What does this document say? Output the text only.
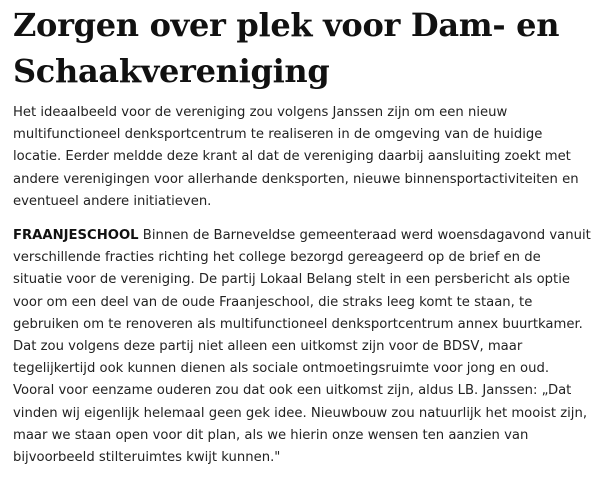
Zorgen over plek voor Dam- en Schaakvereniging

Het ideaalbeeld voor de vereniging zou volgens Janssen zijn om een nieuw multifunctioneel denksportcentrum te realiseren in de omgeving van de huidige locatie. Eerder meldde deze krant al dat de vereniging daarbij aansluiting zoekt met andere verenigingen voor allerhande denksporten, nieuwe binnensportactiviteiten en eventueel andere initiatieven.

FRAANJESCHOOL Binnen de Barneveldse gemeenteraad werd woensdagavond vanuit verschillende fracties richting het college bezorgd gereageerd op de brief en de situatie voor de vereniging. De partij Lokaal Belang stelt in een persbericht als optie voor om een deel van de oude Fraanjeschool, die straks leeg komt te staan, te gebruiken om te renoveren als multifunctioneel denksportcentrum annex buurtkamer. Dat zou volgens deze partij niet alleen een uitkomst zijn voor de BDSV, maar tegelijkertijd ook kunnen dienen als sociale ontmoetingsruimte voor jong en oud. Vooral voor eenzame ouderen zou dat ook een uitkomst zijn, aldus LB. Janssen: „Dat vinden wij eigenlijk helemaal geen gek idee. Nieuwbouw zou natuurlijk het mooist zijn, maar we staan open voor dit plan, als we hierin onze wensen ten aanzien van bijvoorbeeld stilteruimtes kwijt kunnen."
